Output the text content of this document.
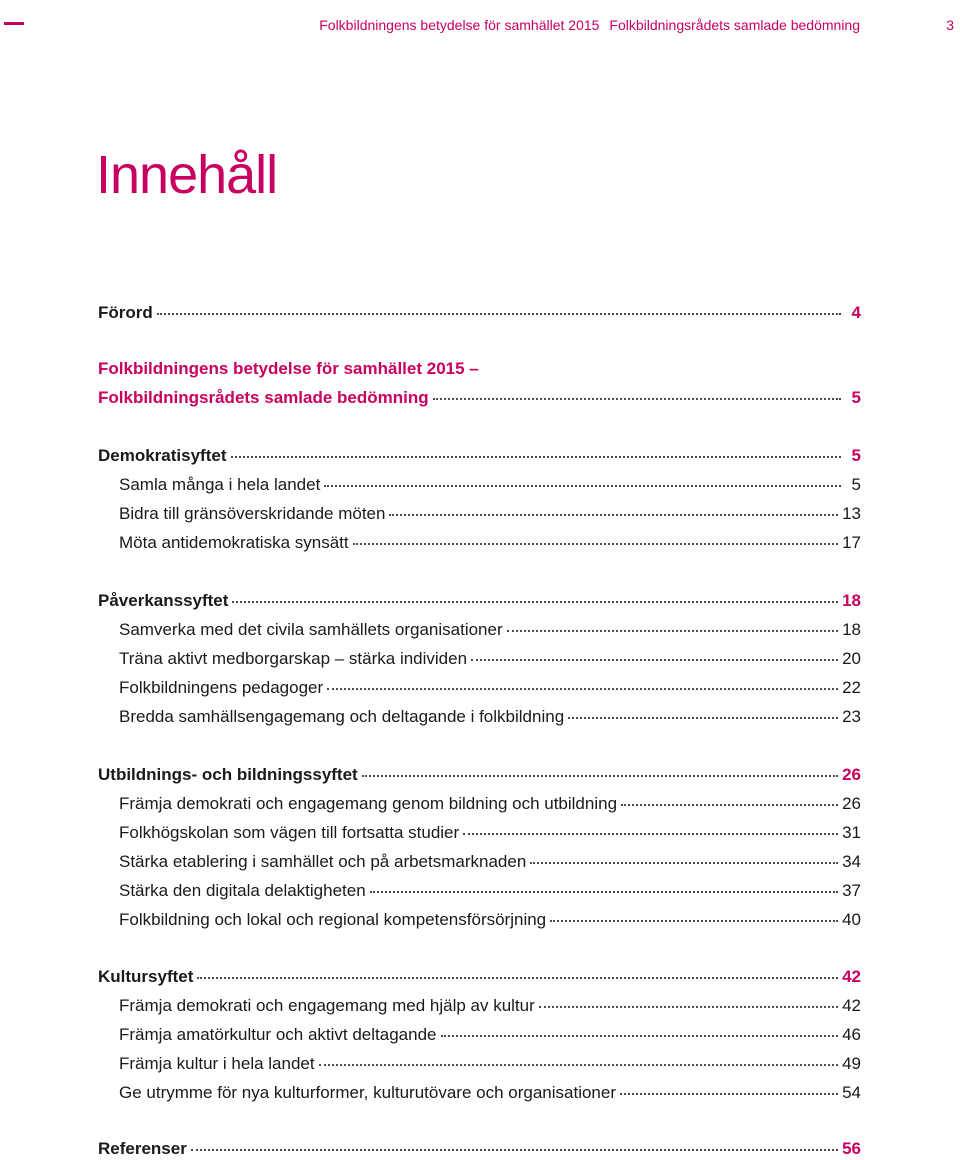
Folkbildningens betydelse för samhället 2015 Folkbildningsrådets samlade bedömning	3
Innehåll
Förord	4
Folkbildningens betydelse för samhället 2015 –
Folkbildningsrådets samlade bedömning	5
Demokratisyftet	5
Samla många i hela landet	5
Bidra till gränsöverskridande möten	13
Möta antidemokratiska synsätt	17
Påverkanssyftet	18
Samverka med det civila samhällets organisationer	18
Träna aktivt medborgarskap – stärka individen	20
Folkbildningens pedagoger	22
Bredda samhällsengagemang och deltagande i folkbildning	23
Utbildnings- och bildningssyftet	26
Främja demokrati och engagemang genom bildning och utbildning	26
Folkhögskolan som vägen till fortsatta studier	31
Stärka etablering i samhället och på arbetsmarknaden	34
Stärka den digitala delaktigheten	37
Folkbildning och lokal och regional kompetensförsörjning	40
Kultursyftet	42
Främja demokrati och engagemang med hjälp av kultur	42
Främja amatörkultur och aktivt deltagande	46
Främja kultur i hela landet	49
Ge utrymme för nya kulturformer, kulturutövare och organisationer	54
Referenser	56
